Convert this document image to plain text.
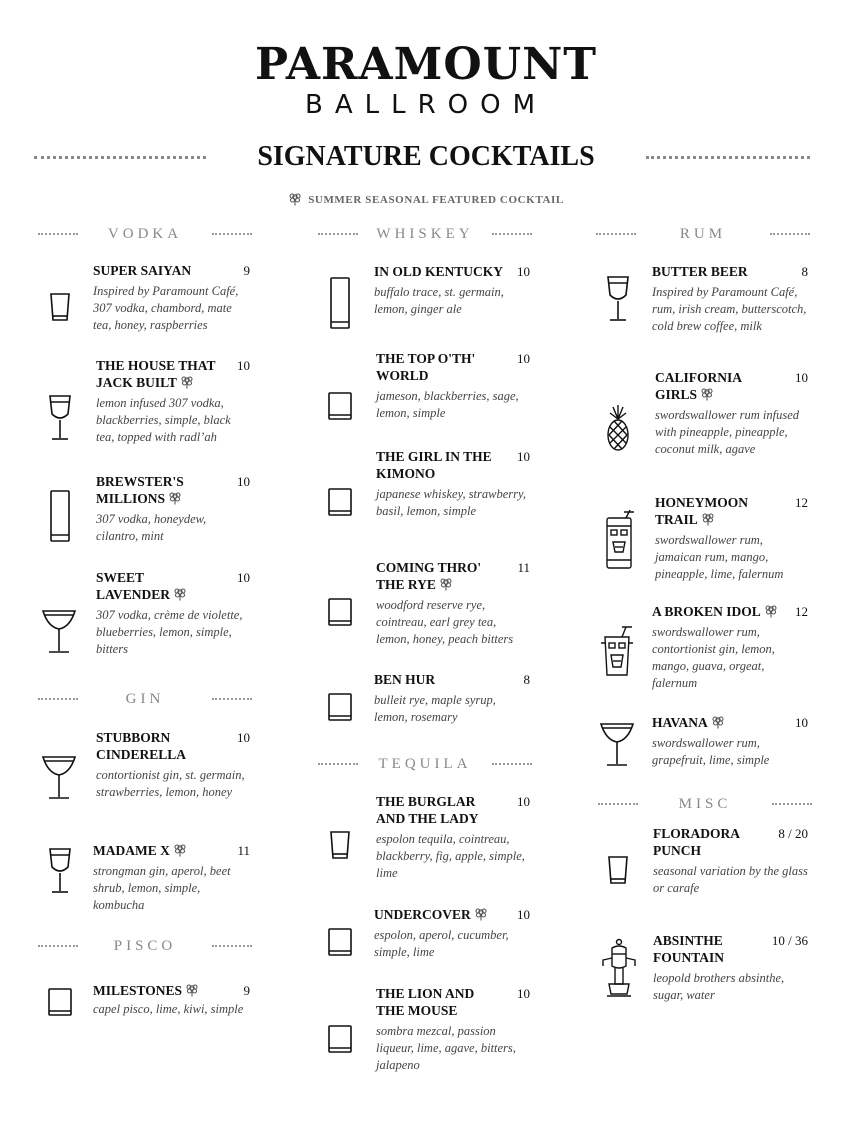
PARAMOUNT
BALLROOM
SIGNATURE COCKTAILS
SUMMER SEASONAL FEATURED COCKTAIL
VODKA
SUPER SAIYAN	9
Inspired by Paramount Café, 307 vodka, chambord, mate tea, honey, raspberries
THE HOUSE THAT JACK BUILT
10
lemon infused 307 vodka, blackberries, simple, black tea, topped with radl’ah
BREWSTER'S MILLIONS
10
307 vodka, honeydew, cilantro, mint
SWEET LAVENDER
10
307 vodka, crème de violette, blueberries, lemon, simple, bitters
GIN
STUBBORN CINDERELLA
10
contortionist gin, st. germain, strawberries, lemon, honey
MADAME X	11
strongman gin, aperol, beet shrub, lemon, simple, kombucha
PISCO
MILESTONES	9
capel pisco, lime, kiwi, simple
WHISKEY
IN OLD KENTUCKY	10
buffalo trace, st. germain, lemon, ginger ale
THE TOP O'TH' WORLD
10
jameson, blackberries, sage, lemon, simple
THE GIRL IN THE KIMONO
10
japanese whiskey, strawberry, basil, lemon, simple
COMING THRO' THE RYE
11
woodford reserve rye, cointreau, earl grey tea, lemon, honey, peach bitters
BEN HUR	8
bulleit rye, maple syrup, lemon, rosemary
TEQUILA
THE BURGLAR AND THE LADY
10
espolon tequila, cointreau, blackberry, fig, apple, simple, lime
UNDERCOVER	10
espolon, aperol, cucumber, simple, lime
THE LION AND THE MOUSE
10
sombra mezcal, passion liqueur, lime, agave, bitters, jalapeno
RUM
BUTTER BEER	8
Inspired by Paramount Café, rum, irish cream, butterscotch, cold brew coffee, milk
CALIFORNIA GIRLS
10
swordswallower rum infused with pineapple, pineapple, coconut milk, agave
HONEYMOON TRAIL
12
swordswallower rum, jamaican rum, mango, pineapple, lime, falernum
A BROKEN IDOL	12
swordswallower rum, contortionist gin, lemon, mango, guava, orgeat, falernum
HAVANA	10
swordswallower rum, grapefruit, lime, simple
MISC
FLORADORA PUNCH
8 / 20
seasonal variation by the glass or carafe
ABSINTHE FOUNTAIN
10 / 36
leopold brothers absinthe, sugar, water
